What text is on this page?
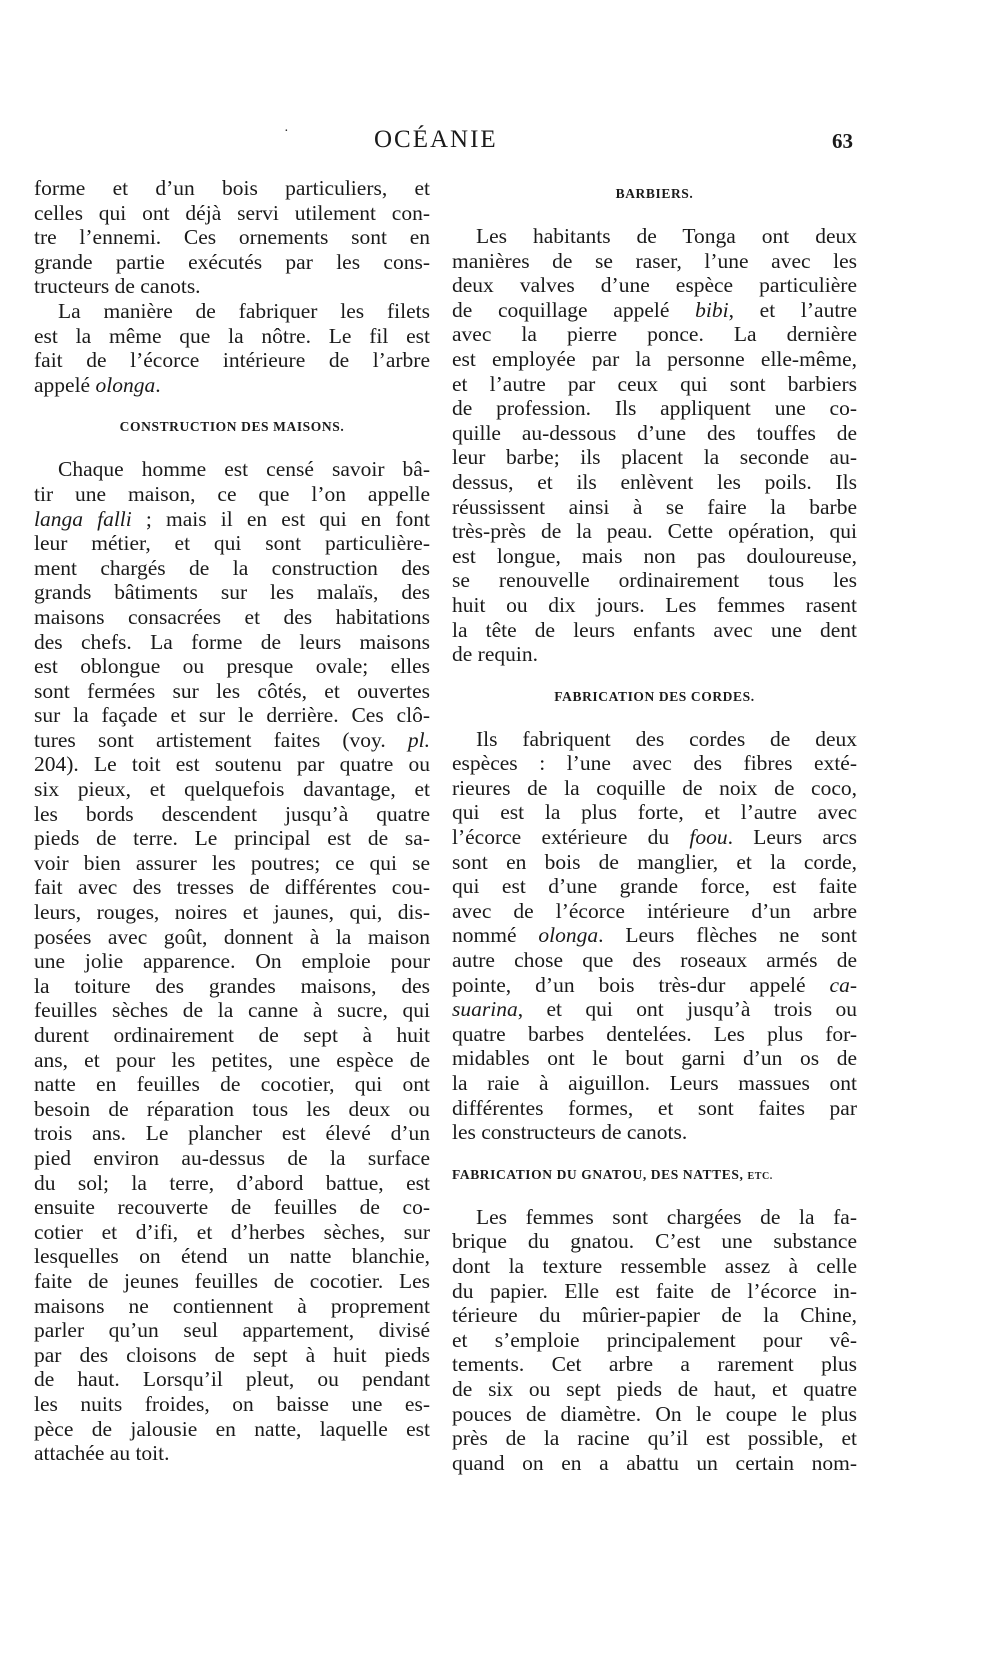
·	OCÉANIE	63
forme et d’un bois particuliers, et
celles qui ont déjà servi utilement con-
tre l’ennemi. Ces ornements sont en
grande partie exécutés par les cons-
tructeurs de canots.
La manière de fabriquer les filets
est la même que la nôtre. Le fil est
fait de l’écorce intérieure de l’arbre
appelé olonga.
CONSTRUCTION DES MAISONS.
Chaque homme est censé savoir bâ-
tir une maison, ce que l’on appelle
langa falli ; mais il en est qui en font
leur métier, et qui sont particulière-
ment chargés de la construction des
grands bâtiments sur les malaïs, des
maisons consacrées et des habitations
des chefs. La forme de leurs maisons
est oblongue ou presque ovale; elles
sont fermées sur les côtés, et ouvertes
sur la façade et sur le derrière. Ces clô-
tures sont artistement faites (voy. pl.
204). Le toit est soutenu par quatre ou
six pieux, et quelquefois davantage, et
les bords descendent jusqu’à quatre
pieds de terre. Le principal est de sa-
voir bien assurer les poutres; ce qui se
fait avec des tresses de différentes cou-
leurs, rouges, noires et jaunes, qui, dis-
posées avec goût, donnent à la maison
une jolie apparence. On emploie pour
la toiture des grandes maisons, des
feuilles sèches de la canne à sucre, qui
durent ordinairement de sept à huit
ans, et pour les petites, une espèce de
natte en feuilles de cocotier, qui ont
besoin de réparation tous les deux ou
trois ans. Le plancher est élevé d’un
pied environ au-dessus de la surface
du sol; la terre, d’abord battue, est
ensuite recouverte de feuilles de co-
cotier et d’ifi, et d’herbes sèches, sur
lesquelles on étend un natte blanchie,
faite de jeunes feuilles de cocotier. Les
maisons ne contiennent à proprement
parler qu’un seul appartement, divisé
par des cloisons de sept à huit pieds
de haut. Lorsqu’il pleut, ou pendant
les nuits froides, on baisse une es-
pèce de jalousie en natte, laquelle est
attachée au toit.
BARBIERS.
Les habitants de Tonga ont deux
manières de se raser, l’une avec les
deux valves d’une espèce particulière
de coquillage appelé bibi, et l’autre
avec la pierre ponce. La dernière
est employée par la personne elle-même,
et l’autre par ceux qui sont barbiers
de profession. Ils appliquent une co-
quille au-dessous d’une des touffes de
leur barbe; ils placent la seconde au-
dessus, et ils enlèvent les poils. Ils
réussissent ainsi à se faire la barbe
très-près de la peau. Cette opération, qui
est longue, mais non pas douloureuse,
se renouvelle ordinairement tous les
huit ou dix jours. Les femmes rasent
la tête de leurs enfants avec une dent
de requin.
FABRICATION DES CORDES.
Ils fabriquent des cordes de deux
espèces : l’une avec des fibres exté-
rieures de la coquille de noix de coco,
qui est la plus forte, et l’autre avec
l’écorce extérieure du foou. Leurs arcs
sont en bois de manglier, et la corde,
qui est d’une grande force, est faite
avec de l’écorce intérieure d’un arbre
nommé olonga. Leurs flèches ne sont
autre chose que des roseaux armés de
pointe, d’un bois très-dur appelé ca-
suarina, et qui ont jusqu’à trois ou
quatre barbes dentelées. Les plus for-
midables ont le bout garni d’un os de
la raie à aiguillon. Leurs massues ont
différentes formes, et sont faites par
les constructeurs de canots.
FABRICATION DU GNATOU, DES NATTES, ETC.
Les femmes sont chargées de la fa-
brique du gnatou. C’est une substance
dont la texture ressemble assez à celle
du papier. Elle est faite de l’écorce in-
térieure du mûrier-papier de la Chine,
et s’emploie principalement pour vê-
tements. Cet arbre a rarement plus
de six ou sept pieds de haut, et quatre
pouces de diamètre. On le coupe le plus
près de la racine qu’il est possible, et
quand on en a abattu un certain nom-
